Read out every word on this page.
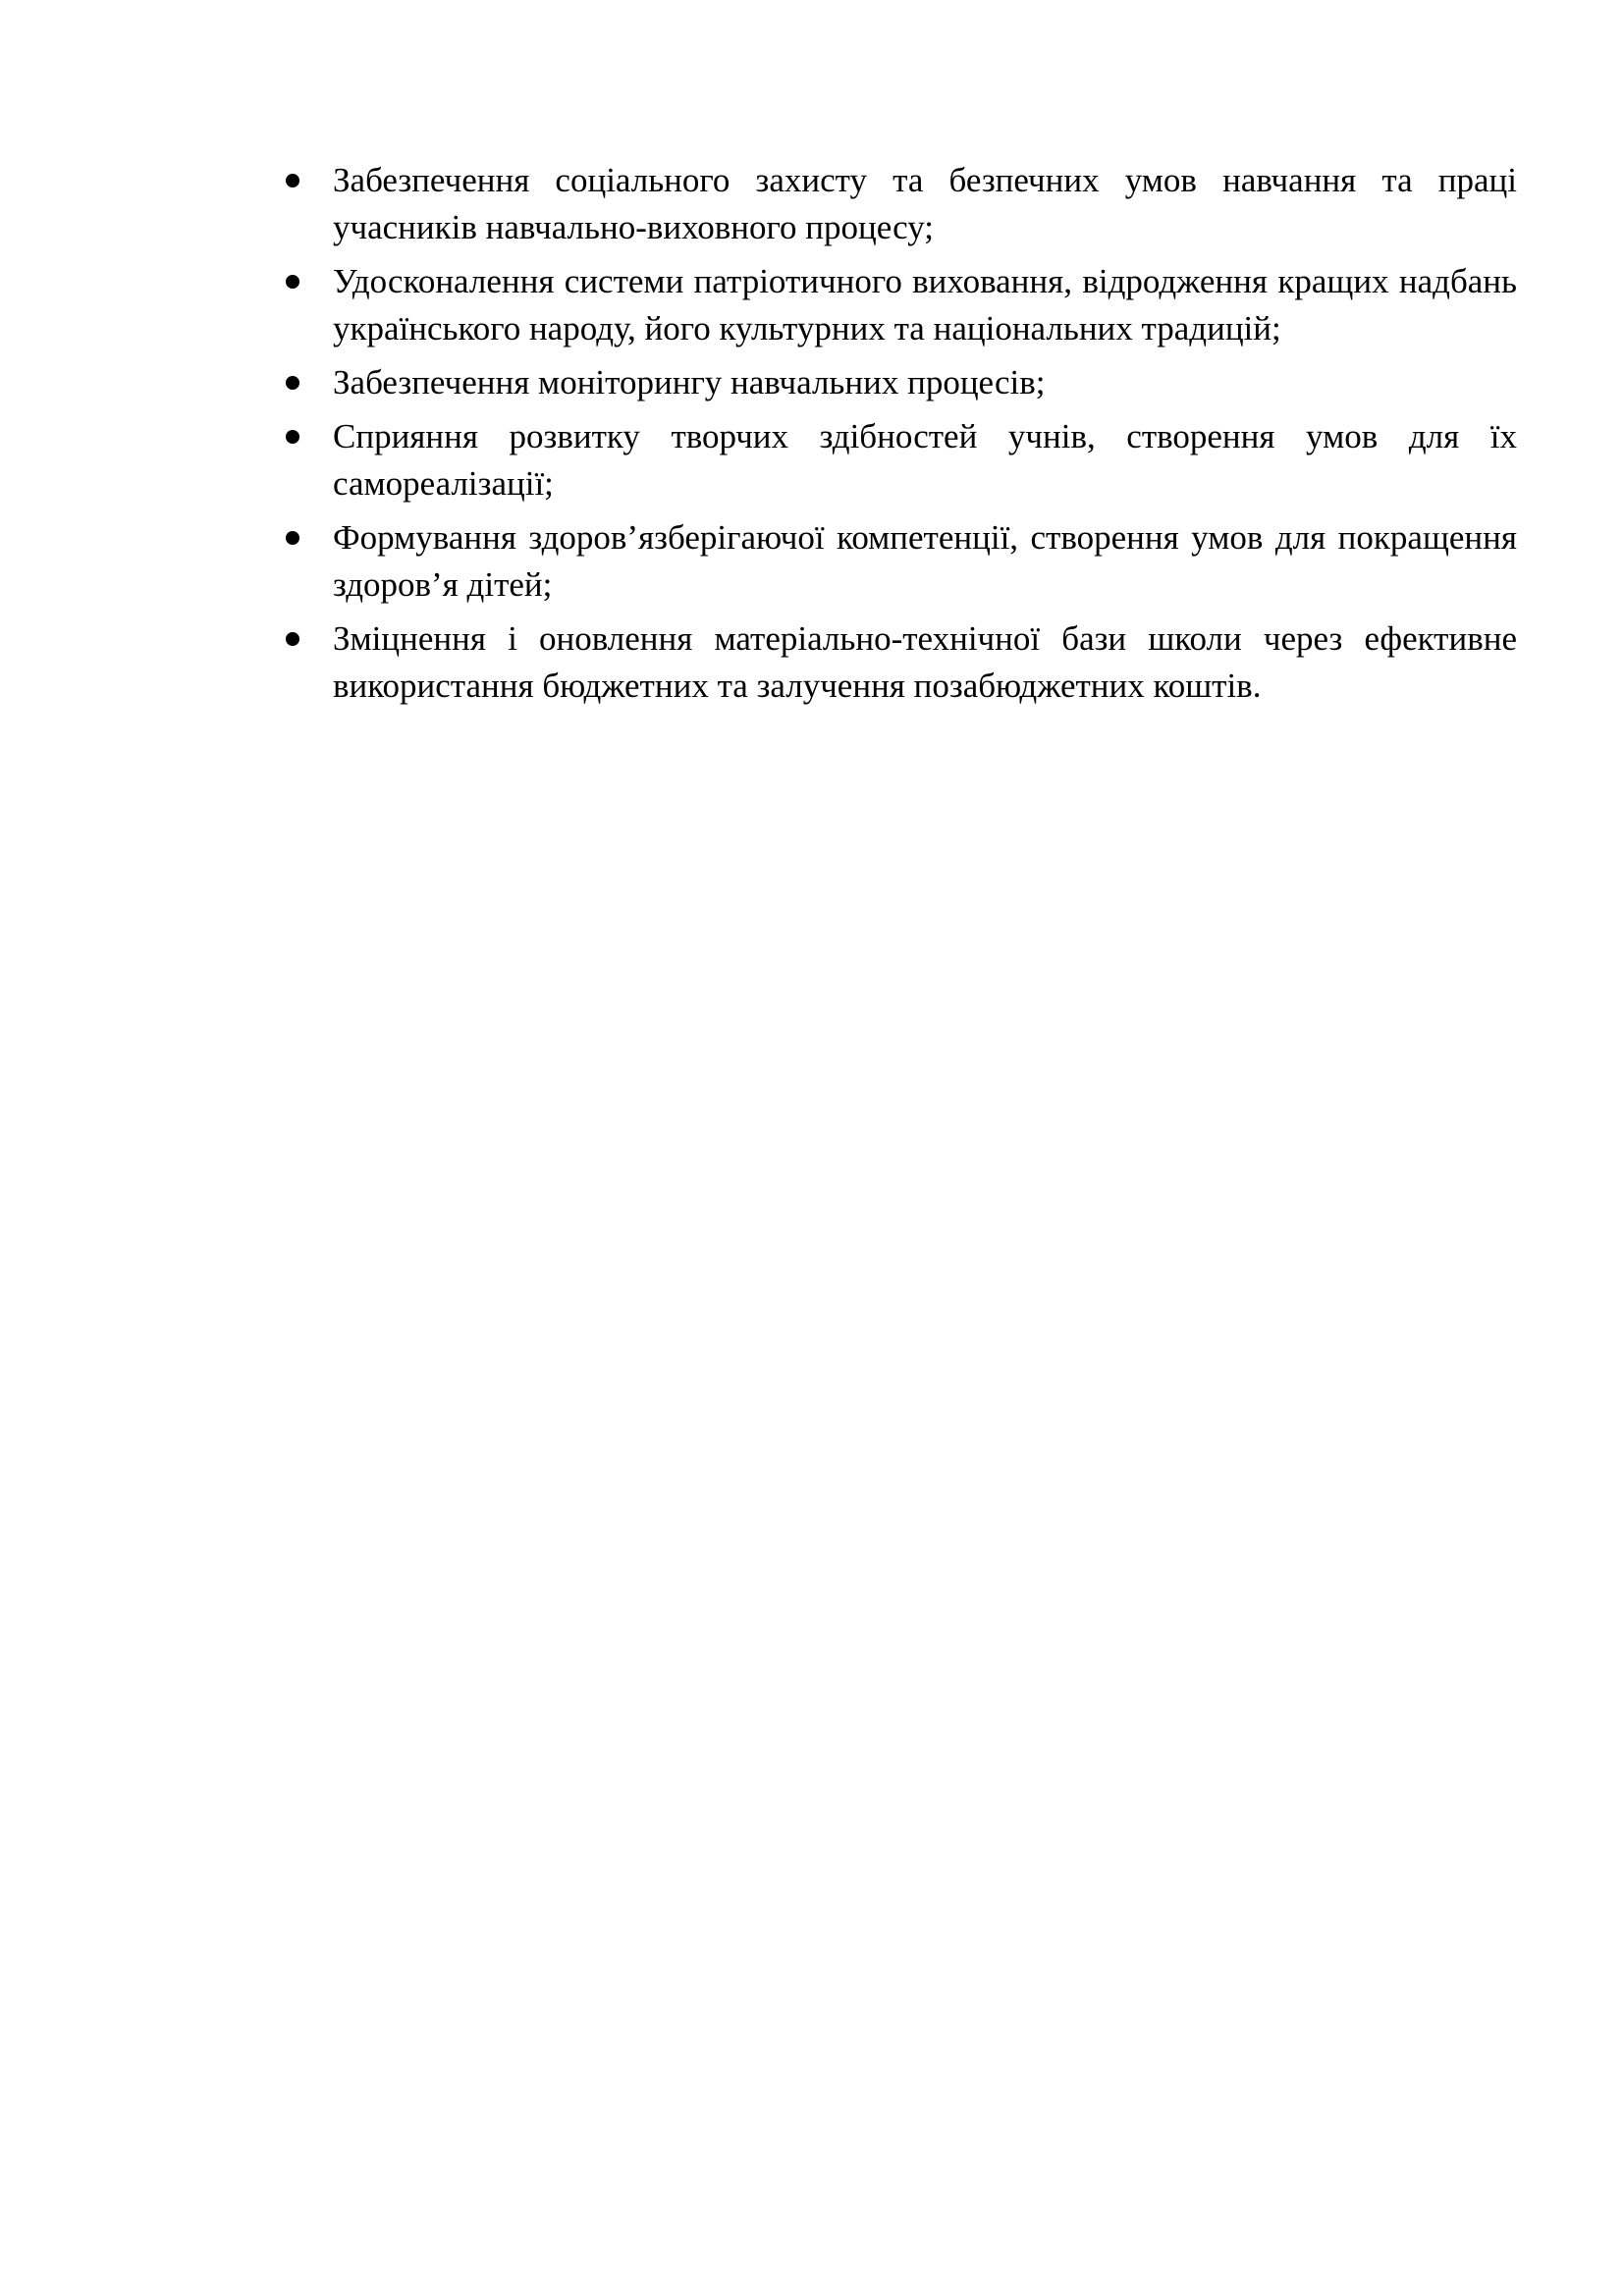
Забезпечення соціального захисту та безпечних умов навчання та праці учасників навчально-виховного процесу;
Удосконалення системи патріотичного виховання, відродження кращих надбань українського народу, його культурних та національних традицій;
Забезпечення моніторингу навчальних процесів;
Сприяння розвитку творчих здібностей учнів, створення умов для їх самореалізації;
Формування здоров’язберігаючої компетенції, створення умов для покращення здоров’я дітей;
Зміцнення і оновлення матеріально-технічної бази школи через ефективне використання бюджетних та залучення позабюджетних коштів.
